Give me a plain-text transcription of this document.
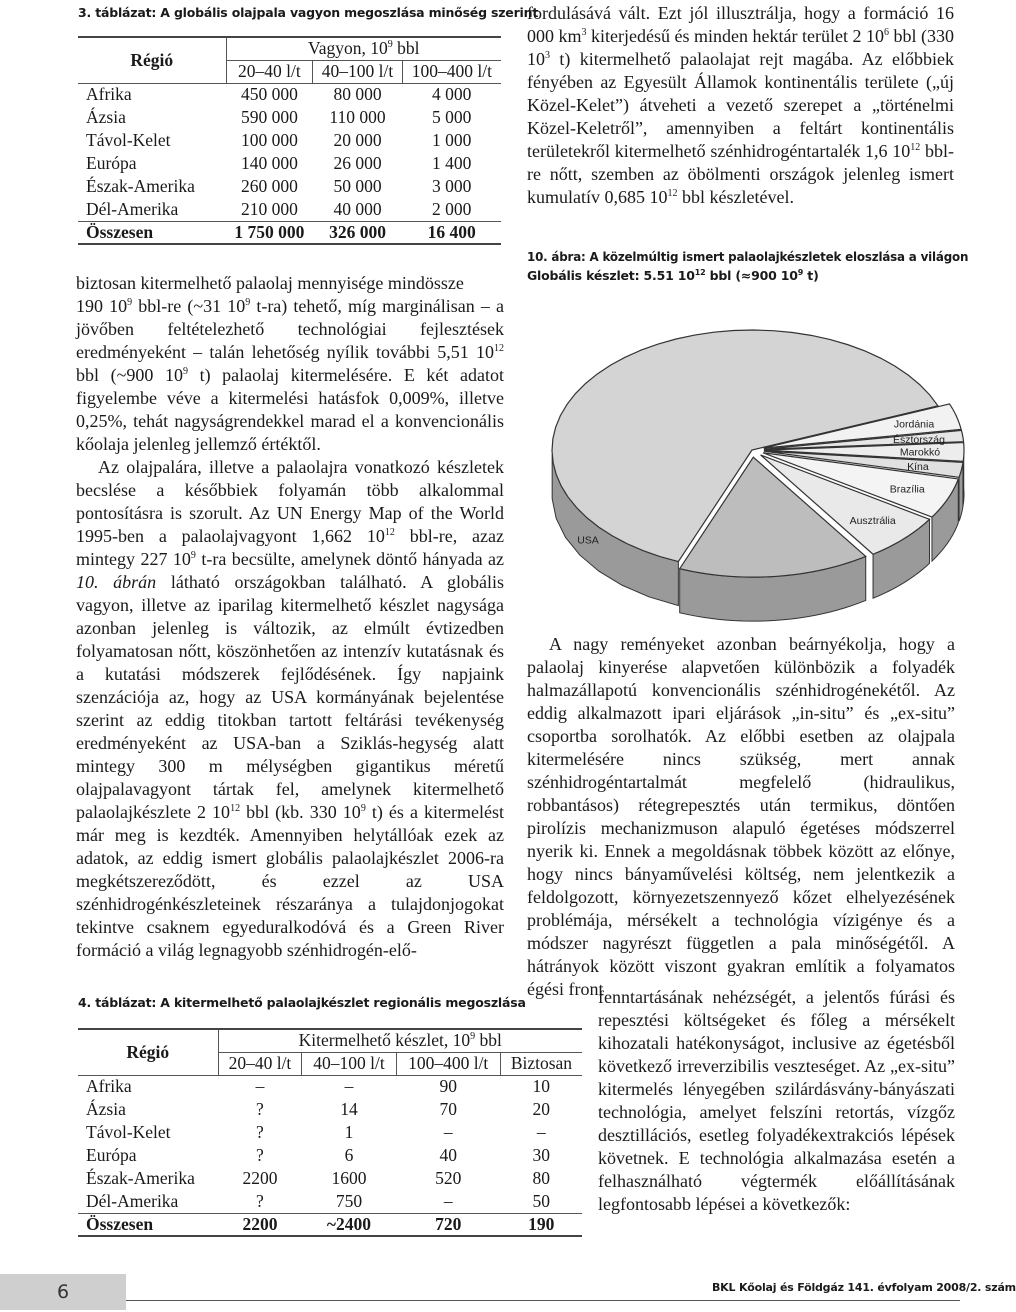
3. táblázat: A globális olajpala vagyon megoszlása minőség szerint
Régió	Vagyon, $10^9$ bbl		
	20–40 l/t	40–100 l/t	100–400 l/t
Afrika	450 000	80 000	4 000
Ázsia	590 000	110 000	5 000
Távol-Kelet	100 000	20 000	1 000
Európa	140 000	26 000	1 400
Észak-Amerika	260 000	50 000	3 000
Dél-Amerika	210 000	40 000	2 000
Összesen	1 750 000	326 000	16 400

biztosan kitermelhető palaolaj mennyisége mindössze
190 $10^9$ bbl-re (~31 $10^9$ t-ra) tehető, míg marginálisan – a jövőben feltételezhető technológiai fejlesztések eredményeként – talán lehetőség nyílik további 5,51 $10^{12}$ bbl (~900 $10^9$ t) palaolaj kitermelésére. E két adatot figyelembe véve a kitermelési hatásfok 0,009%, illetve 0,25%, tehát nagyságrendekkel marad el a konvencionális kőolaja jelenleg jellemző értéktől.

Az olajpalára, illetve a palaolajra vonatkozó készletek becslése a későbbiek folyamán több alkalommal pontosításra is szorult. Az UN Energy Map of the World 1995-ben a palaolajvagyont 1,662 $10^{12}$ bbl-re, azaz mintegy 227 $10^9$ t-ra becsülte, amelynek döntő hányada az 10. ábrán látható országokban található. A globális vagyon, illetve az iparilag kitermelhető készlet nagysága azonban jelenleg is változik, az elmúlt évtizedben folyamatosan nőtt, köszönhetően az intenzív kutatásnak és a kutatási módszerek fejlődésének. Így napjaink szenzációja az, hogy az USA kormányának bejelentése szerint az eddig titokban tartott feltárási tevékenység eredményeként az USA-ban a Sziklás-hegység alatt mintegy 300 m mélységben gigantikus méretű olajpalavagyont tártak fel, amelynek kitermelhető palaolajkészlete 2 $10^{12}$ bbl (kb. 330 $10^9$ t) és a kitermelést már meg is kezdték. Amennyiben helytállóak ezek az adatok, az eddig ismert globális palaolajkészlet 2006-ra megkétszereződött, és ezzel az USA szénhidrogénkészleteinek részaránya a tulajdonjogokat tekintve csaknem egyeduralkodóvá és a Green River formáció a világ legnagyobb szénhidrogén-elő-

4. táblázat: A kitermelhető palaolajkészlet regionális megoszlása
Régió	Kitermelhető készlet, $10^9$ bbl			
	20–40 l/t	40–100 l/t	100–400 l/t	Biztosan
Afrika	–	–	90	10
Ázsia	?	14	70	20
Távol-Kelet	?	1	–	–
Európa	?	6	40	30
Észak-Amerika	2200	1600	520	80
Dél-Amerika	?	750	–	50
Összesen	2200	~2400	720	190

fordulásává vált. Ezt jól illusztrálja, hogy a formáció 16 000 $km^3$ kiterjedésű és minden hektár terület 2 $10^6$ bbl (330 $10^3$ t) kitermelhető palaolajat rejt magába. Az előbbiek fényében az Egyesült Államok kontinentális területe („új Közel-Kelet”) átveheti a vezető szerepet a „történelmi Közel-Keletről”, amennyiben a feltárt kontinentális területekről kitermelhető szénhidrogéntartalék 1,6 $10^{12}$ bbl-re nőtt, szemben az öbölmenti országok jelenleg ismert kumulatív 0,685 $10^{12}$ bbl készletével.

10. ábra: A közelmúltig ismert palaolajkészletek eloszlása a világon
Globális készlet: 5.51 $10^{12}$ bbl (≈900 $10^9$ t)
USA
Jordánia
Észtország
Marokkó
Kína
Brazília
Ausztrália

A nagy reményeket azonban beárnyékolja, hogy a palaolaj kinyerése alapvetően különbözik a folyadék halmazállapotú konvencionális szénhidrogénekétől. Az eddig alkalmazott ipari eljárások „in-situ” és „ex-situ” csoportba sorolhatók. Az előbbi esetben az olajpala kitermelésére nincs szükség, mert annak szénhidrogéntartalmát megfelelő (hidraulikus, robbantásos) rétegrepesztés után termikus, döntően pirolízis mechanizmuson alapuló égetéses módszerrel nyerik ki. Ennek a megoldásnak többek között az előnye, hogy nincs bányaművelési költség, nem jelentkezik a feldolgozott, környezetszennyező kőzet elhelyezésének problémája, mérsékelt a technológia vízigénye és a módszer nagyrészt független a pala minőségétől. A hátrányok között viszont gyakran említik a folyamatos égési front

fenntartásának nehézségét, a jelentős fúrási és repesztési költségeket és főleg a mérsékelt kihozatali hatékonyságot, inclusive az égetésből következő irreverzibilis veszteséget. Az „ex-situ” kitermelés lényegében szilárdásvány-bányászati technológia, amelyet felszíni retortás, vízgőz desztillációs, esetleg folyadékextrakciós lépések követnek. E technológia alkalmazása esetén a felhasználható végtermék előállításának legfontosabb lépései a következők:

6	BKL Kőolaj és Földgáz 141. évfolyam 2008/2. szám
